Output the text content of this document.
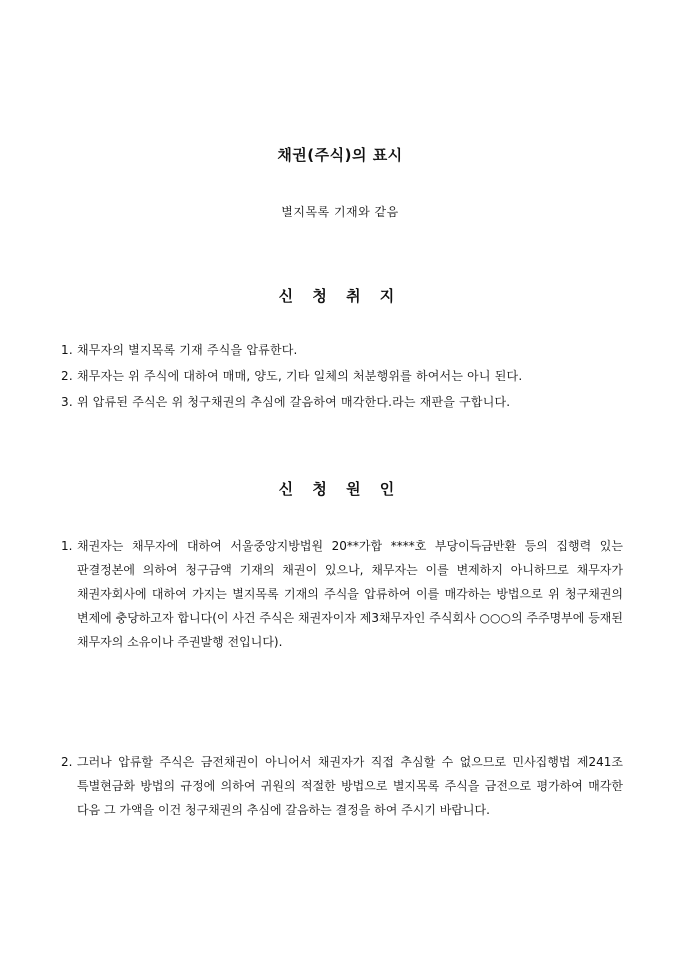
채권(주식)의 표시
별지목록 기재와 같음
신 청 취 지
1. 채무자의 별지목록 기재 주식을 압류한다.
2. 채무자는 위 주식에 대하여 매매, 양도, 기타 일체의 처분행위를 하여서는 아니 된다.
3. 위 압류된 주식은 위 청구채권의 추심에 갈음하여 매각한다.라는 재판을 구합니다.
신 청 원 인
1. 채권자는 채무자에 대하여 서울중앙지방법원 20**가합 ****호 부당이득금반환 등의 집행력 있는 판결정본에 의하여 청구금액 기재의 채권이 있으나, 채무자는 이를 변제하지 아니하므로 채무자가 채권자회사에 대하여 가지는 별지목록 기재의 주식을 압류하여 이를 매각하는 방법으로 위 청구채권의 변제에 충당하고자 합니다(이 사건 주식은 채권자이자 제3채무자인 주식회사 ○○○의 주주명부에 등재된 채무자의 소유이나 주권발행 전입니다).
2. 그러나 압류할 주식은 금전채권이 아니어서 채권자가 직접 추심할 수 없으므로 민사집행법 제241조 특별현금화 방법의 규정에 의하여 귀원의 적절한 방법으로 별지목록 주식을 금전으로 평가하여 매각한 다음 그 가액을 이건 청구채권의 추심에 갈음하는 결정을 하여 주시기 바랍니다.
